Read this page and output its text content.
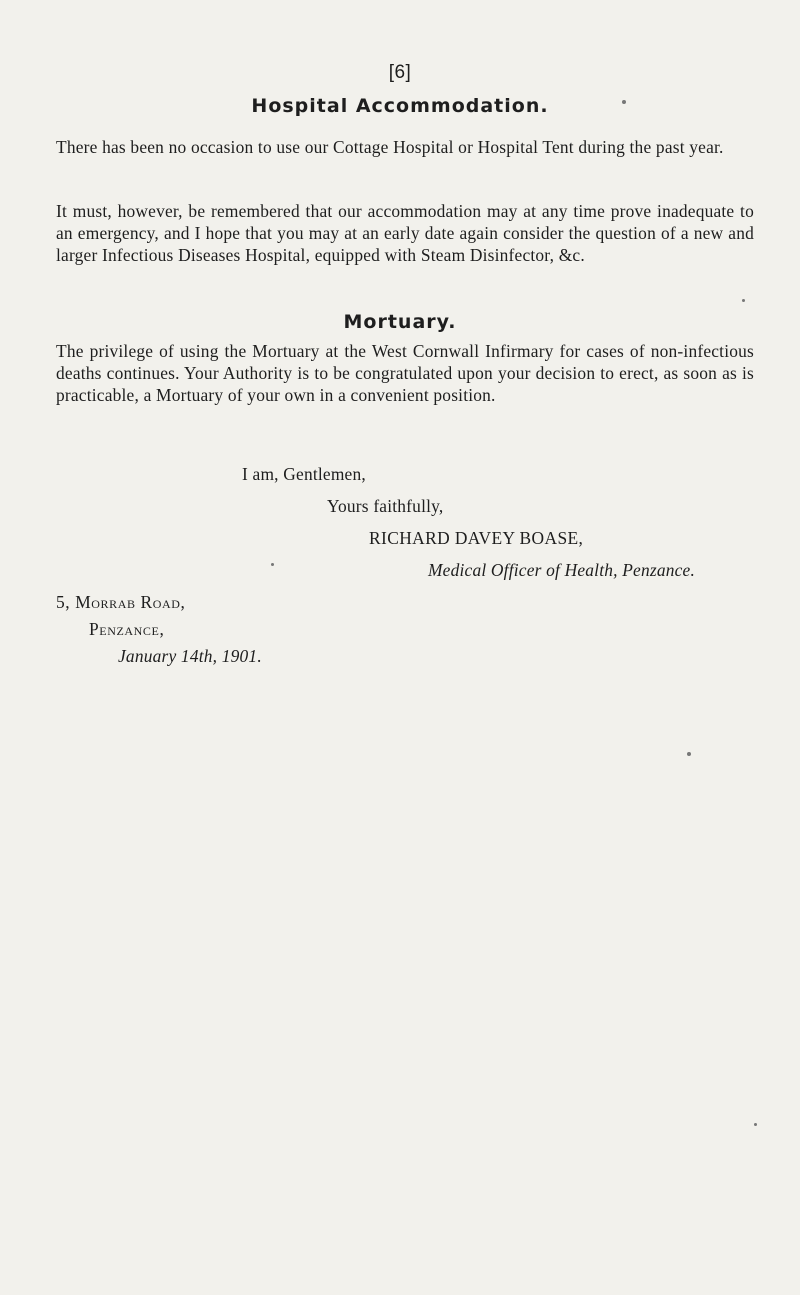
[6]
Hospital Accommodation.
There has been no occasion to use our Cottage Hospital or Hospital Tent during the past year.
It must, however, be remembered that our accommodation may at any time prove inadequate to an emergency, and I hope that you may at an early date again consider the question of a new and larger Infectious Diseases Hospital, equipped with Steam Disinfector, &c.
Mortuary.
The privilege of using the Mortuary at the West Cornwall Infirmary for cases of non-infectious deaths continues. Your Authority is to be congratulated upon your decision to erect, as soon as is practicable, a Mortuary of your own in a convenient position.
I am, Gentlemen,
Yours faithfully,
RICHARD DAVEY BOASE,
Medical Officer of Health, Penzance.
5, Morrab Road,
Penzance,
January 14th, 1901.
